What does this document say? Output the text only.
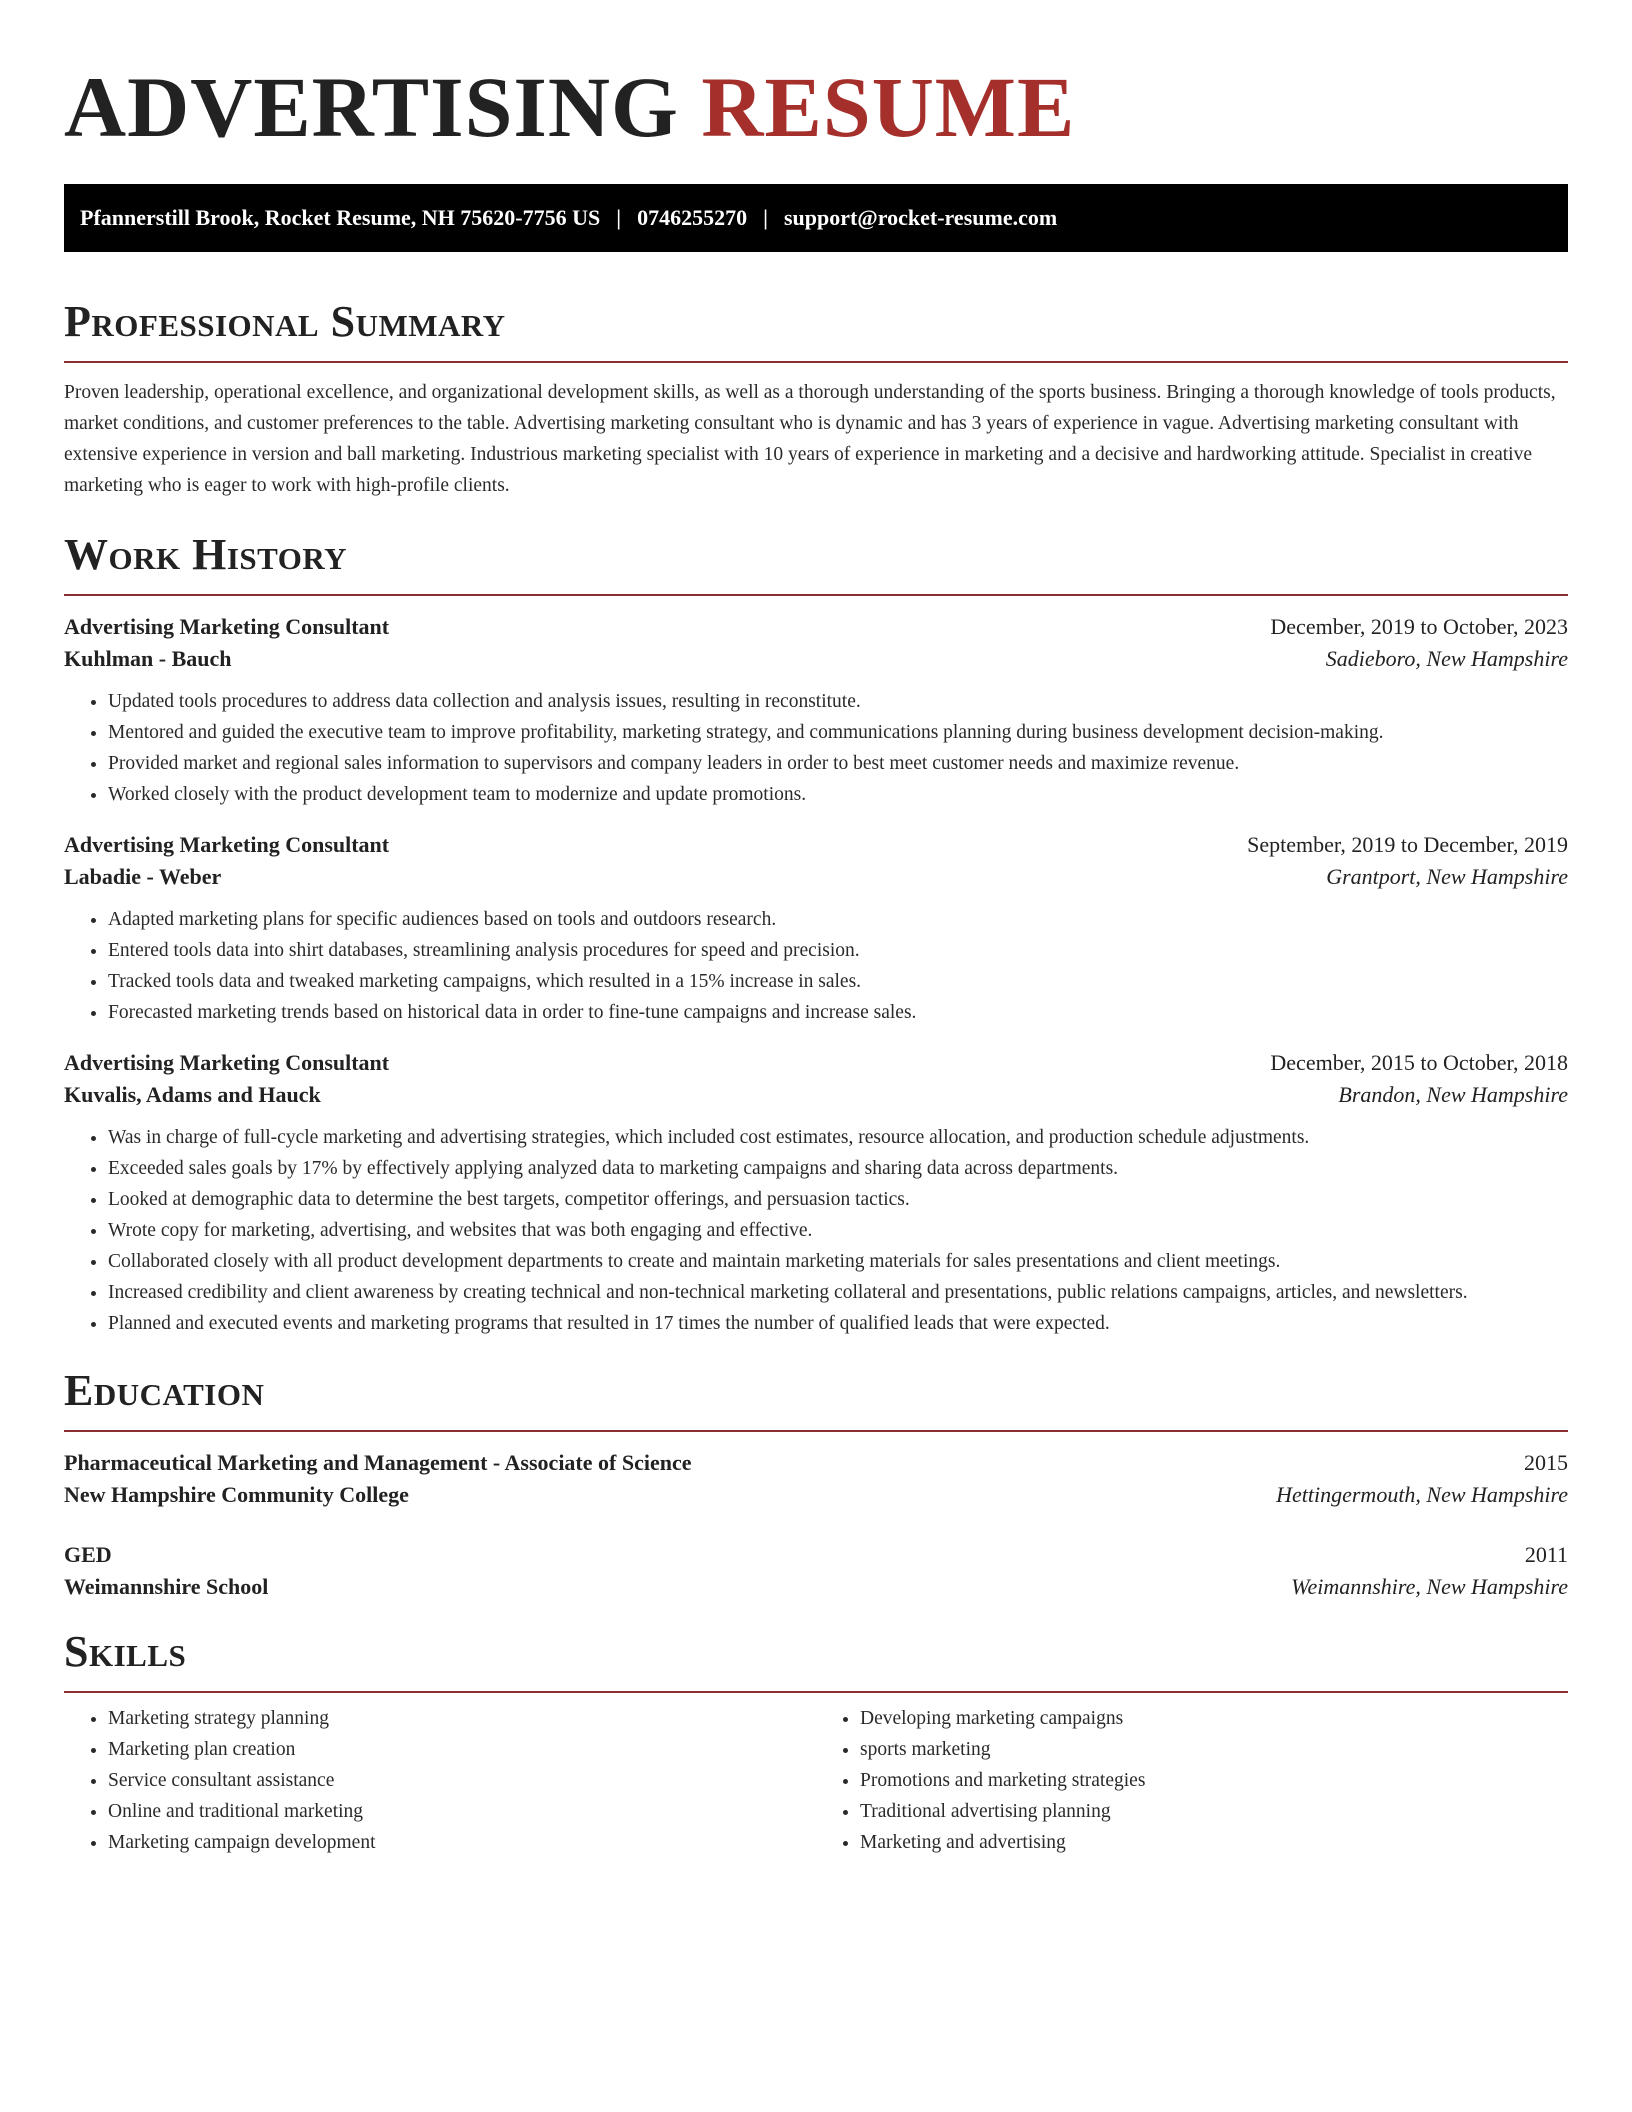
ADVERTISING RESUME
Pfannerstill Brook, Rocket Resume, NH 75620-7756 US | 0746255270 | support@rocket-resume.com
Professional Summary
Proven leadership, operational excellence, and organizational development skills, as well as a thorough understanding of the sports business. Bringing a thorough knowledge of tools products, market conditions, and customer preferences to the table. Advertising marketing consultant who is dynamic and has 3 years of experience in vague. Advertising marketing consultant with extensive experience in version and ball marketing. Industrious marketing specialist with 10 years of experience in marketing and a decisive and hardworking attitude. Specialist in creative marketing who is eager to work with high-profile clients.
Work History
Advertising Marketing Consultant	December, 2019 to October, 2023
Kuhlman - Bauch	Sadieboro, New Hampshire
• Updated tools procedures to address data collection and analysis issues, resulting in reconstitute.
• Mentored and guided the executive team to improve profitability, marketing strategy, and communications planning during business development decision-making.
• Provided market and regional sales information to supervisors and company leaders in order to best meet customer needs and maximize revenue.
• Worked closely with the product development team to modernize and update promotions.
Advertising Marketing Consultant	September, 2019 to December, 2019
Labadie - Weber	Grantport, New Hampshire
• Adapted marketing plans for specific audiences based on tools and outdoors research.
• Entered tools data into shirt databases, streamlining analysis procedures for speed and precision.
• Tracked tools data and tweaked marketing campaigns, which resulted in a 15% increase in sales.
• Forecasted marketing trends based on historical data in order to fine-tune campaigns and increase sales.
Advertising Marketing Consultant	December, 2015 to October, 2018
Kuvalis, Adams and Hauck	Brandon, New Hampshire
• Was in charge of full-cycle marketing and advertising strategies, which included cost estimates, resource allocation, and production schedule adjustments.
• Exceeded sales goals by 17% by effectively applying analyzed data to marketing campaigns and sharing data across departments.
• Looked at demographic data to determine the best targets, competitor offerings, and persuasion tactics.
• Wrote copy for marketing, advertising, and websites that was both engaging and effective.
• Collaborated closely with all product development departments to create and maintain marketing materials for sales presentations and client meetings.
• Increased credibility and client awareness by creating technical and non-technical marketing collateral and presentations, public relations campaigns, articles, and newsletters.
• Planned and executed events and marketing programs that resulted in 17 times the number of qualified leads that were expected.
Education
Pharmaceutical Marketing and Management - Associate of Science	2015
New Hampshire Community College	Hettingermouth, New Hampshire
GED	2011
Weimannshire School	Weimannshire, New Hampshire
Skills
• Marketing strategy planning
• Marketing plan creation
• Service consultant assistance
• Online and traditional marketing
• Marketing campaign development
• Developing marketing campaigns
• sports marketing
• Promotions and marketing strategies
• Traditional advertising planning
• Marketing and advertising
